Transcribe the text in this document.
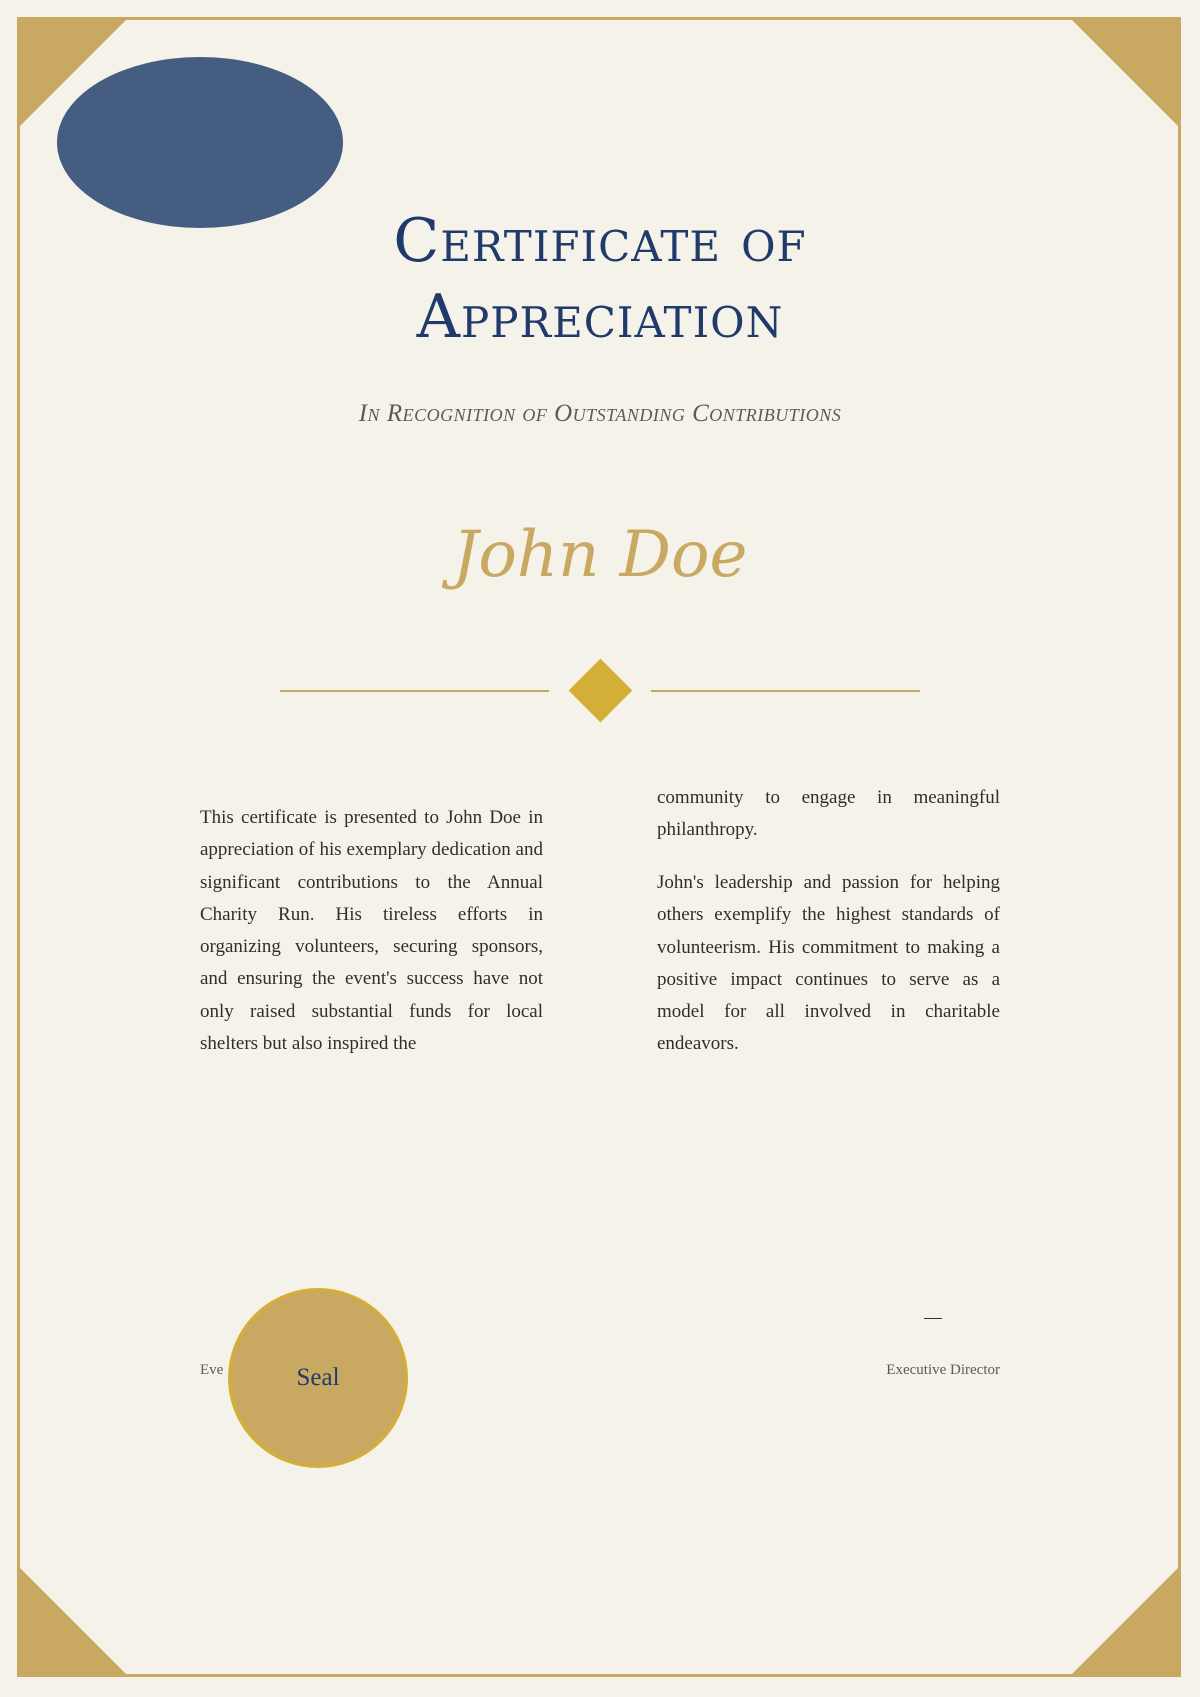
Certificate of
Appreciation
In Recognition of Outstanding Contributions
John Doe

This certificate is presented to John Doe in appreciation of his exemplary dedication and significant contributions to the Annual Charity Run. His tireless efforts in organizing volunteers, securing sponsors, and ensuring the event's success have not only raised substantial funds for local shelters but also inspired the

community to engage in meaningful philanthropy.

John's leadership and passion for helping others exemplify the highest standards of volunteerism. His commitment to making a positive impact continues to serve as a model for all involved in charitable endeavors.

Eve	Seal	Executive Director
